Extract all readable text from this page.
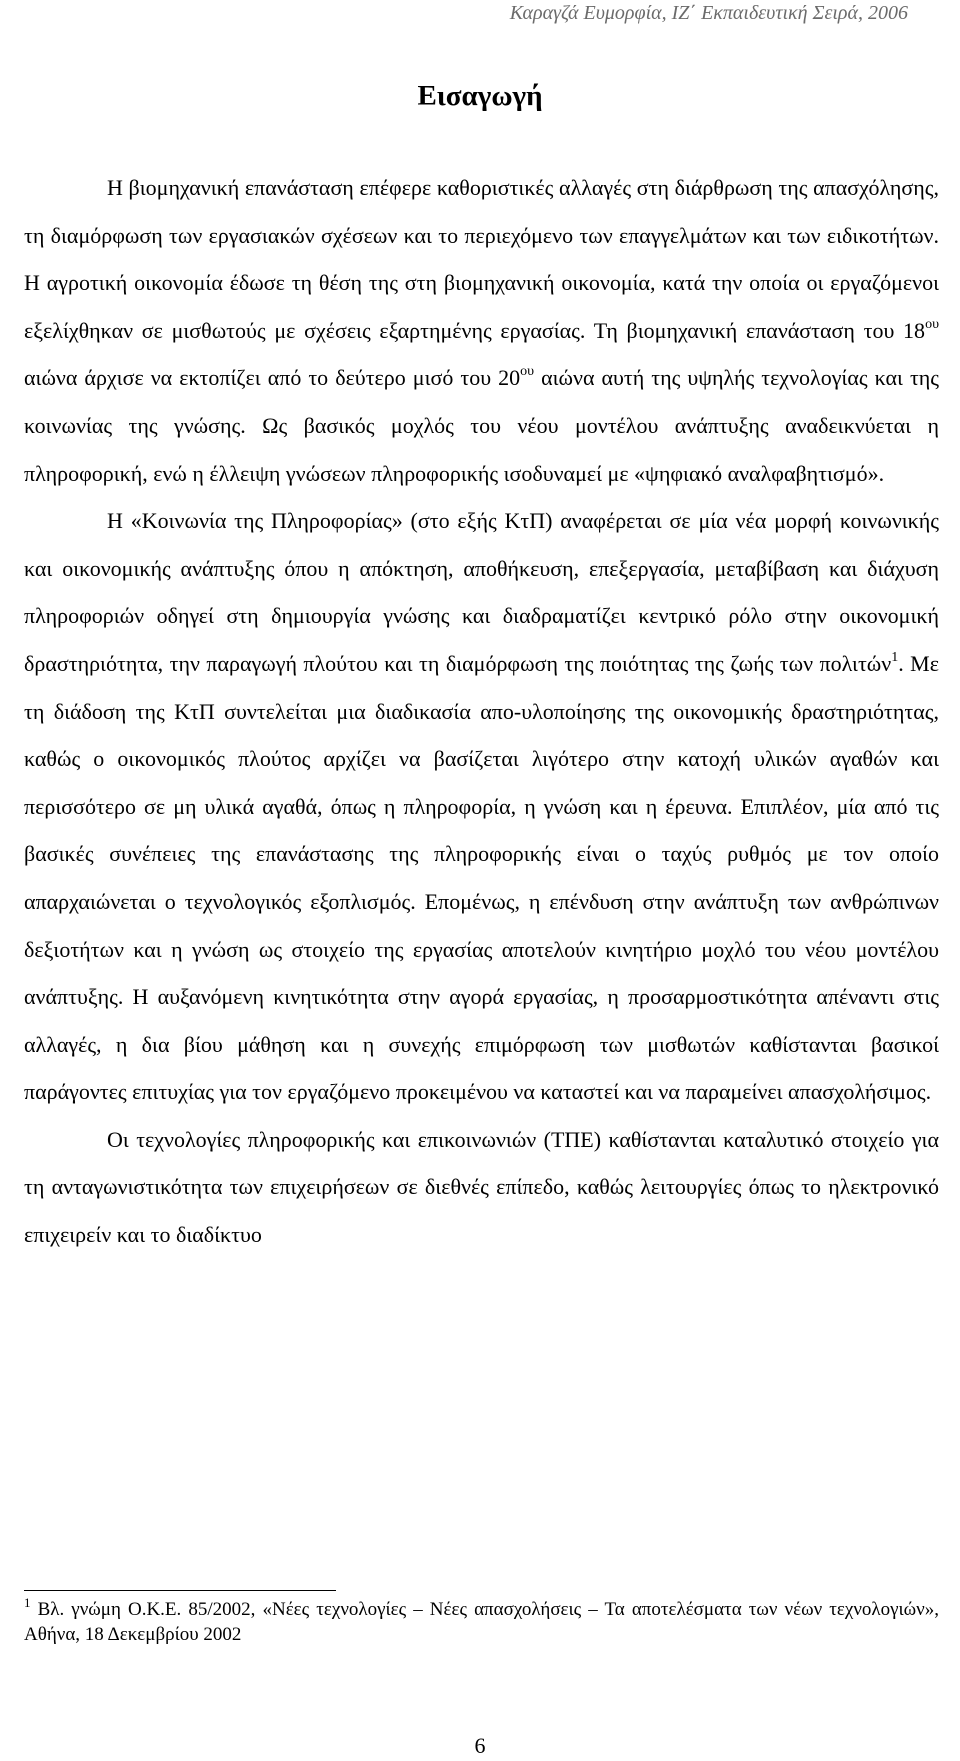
Καραγζά Ευμορφία, ΙΖ΄ Εκπαιδευτική Σειρά, 2006
Εισαγωγή

Η βιομηχανική επανάσταση επέφερε καθοριστικές αλλαγές στη διάρθρωση της απασχόλησης, τη διαμόρφωση των εργασιακών σχέσεων και το περιεχόμενο των επαγγελμάτων και των ειδικοτήτων. Η αγροτική οικονομία έδωσε τη θέση της στη βιομηχανική οικονομία, κατά την οποία οι εργαζόμενοι εξελίχθηκαν σε μισθωτούς με σχέσεις εξαρτημένης εργασίας. Τη βιομηχανική επανάσταση του $18^{o\upsilon}$ αιώνα άρχισε να εκτοπίζει από το δεύτερο μισό του $20^{o\upsilon}$ αιώνα αυτή της υψηλής τεχνολογίας και της κοινωνίας της γνώσης. Ως βασικός μοχλός του νέου μοντέλου ανάπτυξης αναδεικνύεται η πληροφορική, ενώ η έλλειψη γνώσεων πληροφορικής ισοδυναμεί με «ψηφιακό αναλφαβητισμό».

Η «Κοινωνία της Πληροφορίας» (στο εξής ΚτΠ) αναφέρεται σε μία νέα μορφή κοινωνικής και οικονομικής ανάπτυξης όπου η απόκτηση, αποθήκευση, επεξεργασία, μεταβίβαση και διάχυση πληροφοριών οδηγεί στη δημιουργία γνώσης και διαδραματίζει κεντρικό ρόλο στην οικονομική δραστηριότητα, την παραγωγή πλούτου και τη διαμόρφωση της ποιότητας της ζωής των πολιτών$^1$. Με τη διάδοση της ΚτΠ συντελείται μια διαδικασία απο-υλοποίησης της οικονομικής δραστηριότητας, καθώς ο οικονομικός πλούτος αρχίζει να βασίζεται λιγότερο στην κατοχή υλικών αγαθών και περισσότερο σε μη υλικά αγαθά, όπως η πληροφορία, η γνώση και η έρευνα. Επιπλέον, μία από τις βασικές συνέπειες της επανάστασης της πληροφορικής είναι ο ταχύς ρυθμός με τον οποίο απαρχαιώνεται ο τεχνολογικός εξοπλισμός. Επομένως, η επένδυση στην ανάπτυξη των ανθρώπινων δεξιοτήτων και η γνώση ως στοιχείο της εργασίας αποτελούν κινητήριο μοχλό του νέου μοντέλου ανάπτυξης. Η αυξανόμενη κινητικότητα στην αγορά εργασίας, η προσαρμοστικότητα απέναντι στις αλλαγές, η δια βίου μάθηση και η συνεχής επιμόρφωση των μισθωτών καθίστανται βασικοί παράγοντες επιτυχίας για τον εργαζόμενο προκειμένου να καταστεί και να παραμείνει απασχολήσιμος.

Οι τεχνολογίες πληροφορικής και επικοινωνιών (ΤΠΕ) καθίστανται καταλυτικό στοιχείο για τη ανταγωνιστικότητα των επιχειρήσεων σε διεθνές επίπεδο, καθώς λειτουργίες όπως το ηλεκτρονικό επιχειρείν και το διαδίκτυο

$^1$ Βλ. γνώμη Ο.Κ.Ε. 85/2002, «Νέες τεχνολογίες – Νέες απασχολήσεις – Τα αποτελέσματα των νέων τεχνολογιών», Αθήνα, 18 Δεκεμβρίου 2002
6
